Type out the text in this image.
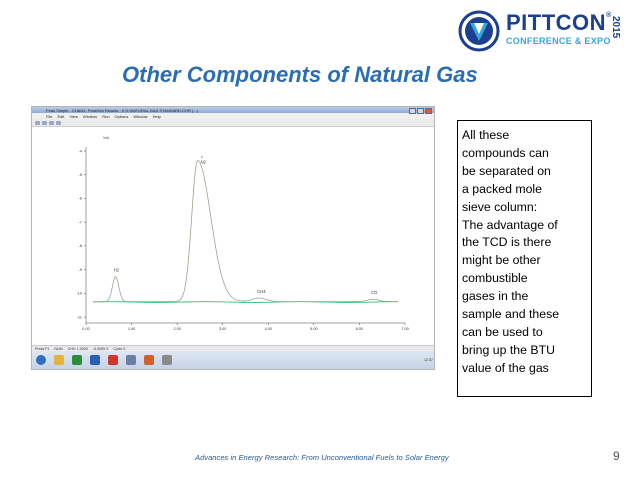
PITTCON®
2015
CONFERENCE & EXPO
Other Components of Natural Gas
Peak Simple - CHAN1: PeakSim Results - 9 G:\NATURAL GAS STANDARD.CHR (...)
File Edit View Window Run Options Window Help
Volt
-4
-5
-6
-7
-8
-9
-10
-11
0.00	1.00	2.00	3.00	4.00	5.00	6.00	7.00
H2
N2
7
CH4	CO
Press F1 NUM CH0: 1.0000 -0.0005 V Cycle 0
12:57

All these

compounds can

be separated on

a packed mole

sieve column:

The advantage of

the TCD is there

might be other

combustible

gases in the

sample and these

can be used to

bring up the BTU

value of the gas

Advances in Energy Research: From Unconventional Fuels to Solar Energy	9
